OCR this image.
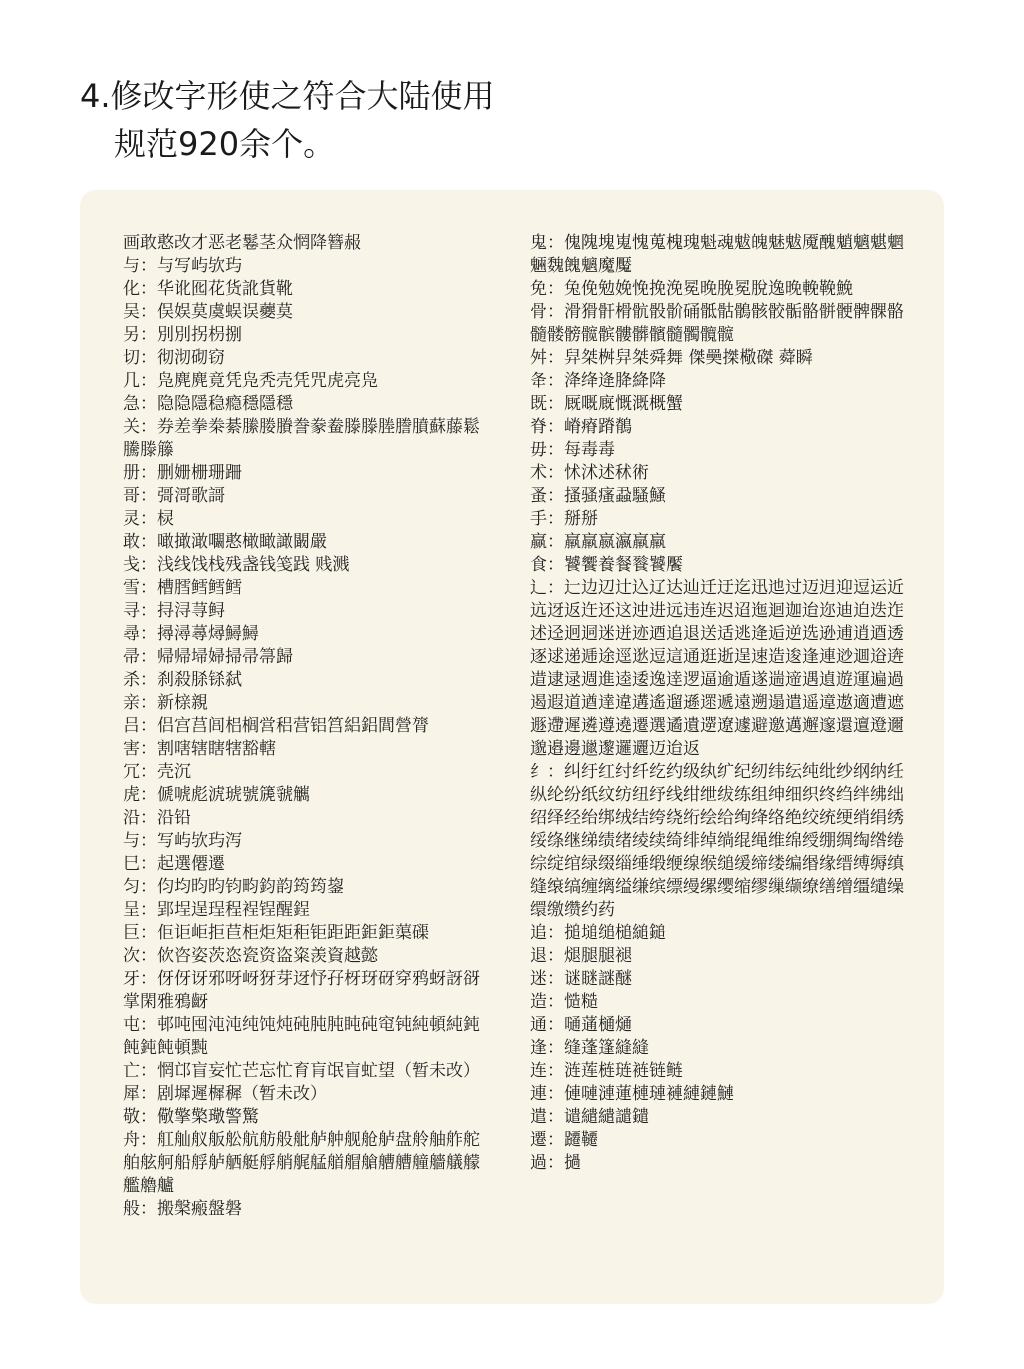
4.修改字形使之符合大陆使用
规范920余个。

画敢憨改才恶老鬈茎众惘降簪赧

与：与写屿欤玙

化：华讹囮花货訛貨靴

吴：俣娱莫虞蜈误虁莫

另：別別拐枴捌

切：彻沏砌窃

几：凫麂麂竟凭凫秃壳凭咒虎亮凫

急：隐隐隱稳瘾穩隱穩

关：券差拳桊綦縢媵賸誊豢鲞滕滕塍謄膹蘇藤鬆騰滕籐

册：删姗栅珊跚

哥：彁滒歌謌

灵：棂

敢：噉撖澉㘚憨橄瞰譀闞嚴

戋：浅线饯栈残盏钱笺践 贱溅

雪：槽膤鳕鳕鳕

寻：挦浔荨鲟

尋：撏潯蕁燖鱘鱘

帚：帰帰埽婦掃帚箒歸

杀：刹殺脎铩弑

亲：新榇親

吕：侣宫莒闾梠榈営稆营铝筥絽鋁閭營膂

害：割嗐辖瞎犗豁轄

冗：壳沉

虎：傂唬彪淲琥號篪虢觽

沿：沿铅

与：写屿欤玙泻

巳：起選僊遷

匀：伨均昀昀钧畇鈞韵筠筠鋆

呈：郢埕逞珵程裎锃醒鋥

巨：佢讵岠拒苣柜炬矩秬钜距距鉅鉅蕖磲

次：佽咨姿茨恣瓷资盗粢羡資越懿

牙：伢伢讶邪呀岈犽芽迓忬孖枒玡砑穿鸦蚜訝谺掌閑雅鴉齖

屯：邨吨囤沌沌纯饨炖砘肫肫盹砘窀钝純頓純鈍飩鈍飩頓黗

亡：惘邙盲妄忙芒忘忙育肓氓盲虻望（暂未改）

犀：剧墀遲樨穉（暂未改）

敬：儆擎檠璥警驚

舟：舡舢舣舨舩航舫般舭舻舯舰舱舻盘舲舳舴舵舶舷舸船艀舻舾艇艀艄艉艋艏艒艙艚艚艟艢艤艨艦艪艫

般：搬槃瘢盤磐

鬼：傀隗塊嵬愧蒐槐瑰魁魂魃魄魅魃魇醜魈魑魌魍魎魏餽魑魔魘

免：兔俛勉娩悗挽浼冕晚脕冕脫逸晚輓鞔鮸

骨：滑猾骭榾骯骰骱硧骶骷鶻骸骹骺骼骿骾髀髁骼髓髅髈髋髌髏髒髕髓髑髖髋

舛：舁桀桝舁桀舜舞 傑奰搩㯳磔 蕣瞬

夅：洚绛逄胮絳降

既：厩嘅廐慨溉概蟹

脊：嵴瘠蹐鶺

毋：每毒毒

术：怵沭述秫術

蚤：搔骚瘙蝨騷鰠

手：掰掰

赢：羸羸嬴瀛羸羸

食：饕饗養餐餮饕饜

辶：辷边辺辻込辽达辿迁迂迄迅迆过迈迌迎逗运近迒迓返迕还这迚进远违连迟迢迤迴迦迨迩迪迫迭迮述迳迥迵迷迸迹迺追退送适逃逄逅逆选逊逋逍逎透逐逑递逓途逕逖逗這通逛逝逞速造逡逢連逤逥逧逩逪逮逯週進逵逶逸逹逻逼逾遁遂遄遆遇遉遊運遍過遏遐道遒達違遘遙遛遜遝遞遠遡遢遣遥遧遨適遭遮遯遰遲遴遵遶遷選遹遺遻遼遽避邀邁邂邃還邅邆邇邈邉邊邋邌邏邐迈迨返

纟：纠纡红纣纤纥约级纨纩纪纫纬纭纯纰纱纲纳纴纵纶纷纸纹纺纽纾线绀绁绂练组绅细织终绉绊绋绌绍绎经绐绑绒结绔绕绗绘给绚绛络绝绞统绠绡绢绣绥绦继绨绩绪绫续绮绯绰绱绲绳维绵绶绷绸绹绺绻综绽绾绿缀缁缍缎缏缐缑缒缓缔缕编缗缘缙缚缛缜缝缞缟缠缡缢缣缤缥缦缧缨缩缪缫缬缭缮缯缰缱缲缳缴缵约药

追：搥塠缒槌縋鎚

退：煺腿腿褪

迷：谜瞇謎醚

造：慥糙

通：嗵蓪樋熥

逢：缝蓬篷縫縫

连：涟莲梿琏裢链鲢

連：僆嗹漣蓮槤璉褳縺鏈鰱

遣：谴繾繾譴鑓

遷：躚韆

過：撾
